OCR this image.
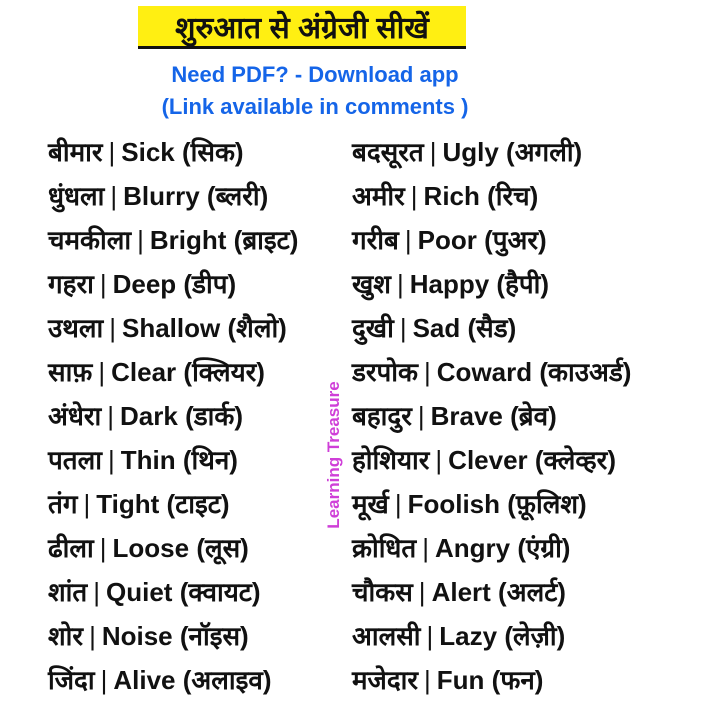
शुरुआत से अंग्रेजी सीखें
Need PDF? - Download app
(Link available in comments )
बीमार | Sick (सिक)
धुंधला | Blurry (ब्लरी)
चमकीला | Bright (ब्राइट)
गहरा | Deep (डीप)
उथला | Shallow (शैलो)
साफ़ | Clear (क्लियर)
अंधेरा | Dark (डार्क)
पतला | Thin (थिन)
तंग | Tight (टाइट)
ढीला | Loose (लूस)
शांत | Quiet (क्वायट)
शोर | Noise (नॉइस)
जिंदा | Alive (अलाइव)
बदसूरत | Ugly (अगली)
अमीर | Rich (रिच)
गरीब | Poor (पुअर)
खुश | Happy (हैपी)
दुखी | Sad (सैड)
डरपोक | Coward (काउअर्ड)
बहादुर | Brave (ब्रेव)
होशियार | Clever (क्लेव्हर)
मूर्ख | Foolish (फ़ूलिश)
क्रोधित | Angry (एंग्री)
चौकस | Alert (अलर्ट)
आलसी | Lazy (लेज़ी)
मजेदार | Fun (फन)
Learning Treasure
